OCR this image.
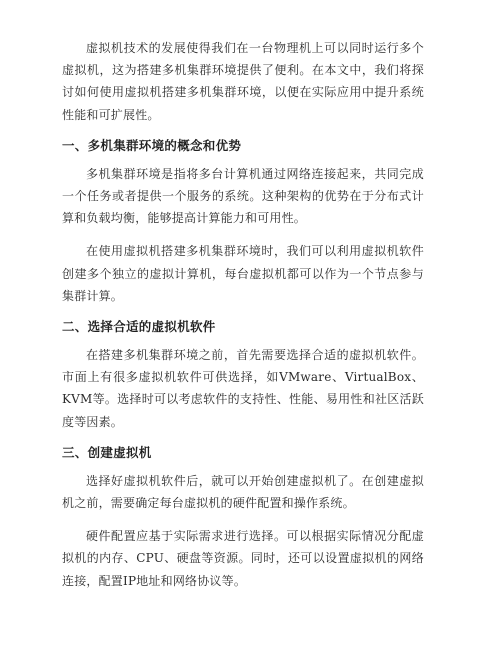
虚拟机技术的发展使得我们在一台物理机上可以同时运行多个虚拟机，这为搭建多机集群环境提供了便利。在本文中，我们将探讨如何使用虚拟机搭建多机集群环境，以便在实际应用中提升系统性能和可扩展性。

一、多机集群环境的概念和优势

多机集群环境是指将多台计算机通过网络连接起来，共同完成一个任务或者提供一个服务的系统。这种架构的优势在于分布式计算和负载均衡，能够提高计算能力和可用性。

在使用虚拟机搭建多机集群环境时，我们可以利用虚拟机软件创建多个独立的虚拟计算机，每台虚拟机都可以作为一个节点参与集群计算。

二、选择合适的虚拟机软件

在搭建多机集群环境之前，首先需要选择合适的虚拟机软件。市面上有很多虚拟机软件可供选择，如VMware、VirtualBox、KVM等。选择时可以考虑软件的支持性、性能、易用性和社区活跃度等因素。

三、创建虚拟机

选择好虚拟机软件后，就可以开始创建虚拟机了。在创建虚拟机之前，需要确定每台虚拟机的硬件配置和操作系统。

硬件配置应基于实际需求进行选择。可以根据实际情况分配虚拟机的内存、CPU、硬盘等资源。同时，还可以设置虚拟机的网络连接，配置IP地址和网络协议等。
